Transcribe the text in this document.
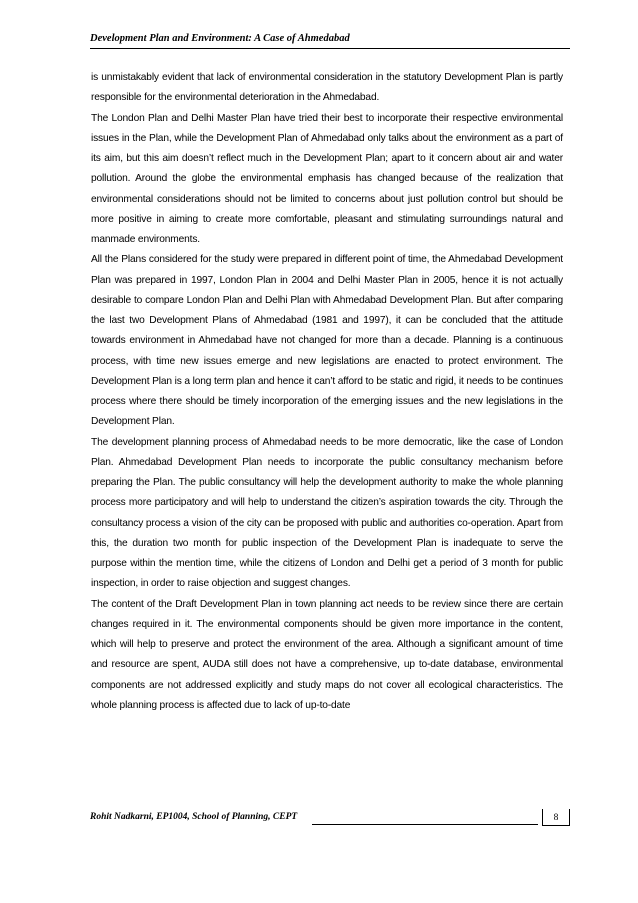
Development Plan and Environment: A Case of Ahmedabad

is unmistakably evident that lack of environmental consideration in the statutory Development Plan is partly responsible for the environmental deterioration in the Ahmedabad.

The London Plan and Delhi Master Plan have tried their best to incorporate their respective environmental issues in the Plan, while the Development Plan of Ahmedabad only talks about the environment as a part of its aim, but this aim doesn’t reflect much in the Development Plan; apart to it concern about air and water pollution. Around the globe the environmental emphasis has changed because of the realization that environmental considerations should not be limited to concerns about just pollution control but should be more positive in aiming to create more comfortable, pleasant and stimulating surroundings natural and manmade environments.

All the Plans considered for the study were prepared in different point of time, the Ahmedabad Development Plan was prepared in 1997, London Plan in 2004 and Delhi Master Plan in 2005, hence it is not actually desirable to compare London Plan and Delhi Plan with Ahmedabad Development Plan. But after comparing the last two Development Plans of Ahmedabad (1981 and 1997), it can be concluded that the attitude towards environment in Ahmedabad have not changed for more than a decade. Planning is a continuous process, with time new issues emerge and new legislations are enacted to protect environment. The Development Plan is a long term plan and hence it can’t afford to be static and rigid, it needs to be continues process where there should be timely incorporation of the emerging issues and the new legislations in the Development Plan.

The development planning process of Ahmedabad needs to be more democratic, like the case of London Plan. Ahmedabad Development Plan needs to incorporate the public consultancy mechanism before preparing the Plan. The public consultancy will help the development authority to make the whole planning process more participatory and will help to understand the citizen’s aspiration towards the city. Through the consultancy process a vision of the city can be proposed with public and authorities co-operation. Apart from this, the duration two month for public inspection of the Development Plan is inadequate to serve the purpose within the mention time, while the citizens of London and Delhi get a period of 3 month for public inspection, in order to raise objection and suggest changes.

The content of the Draft Development Plan in town planning act needs to be review since there are certain changes required in it. The environmental components should be given more importance in the content, which will help to preserve and protect the environment of the area. Although a significant amount of time and resource are spent, AUDA still does not have a comprehensive, up to-date database, environmental components are not addressed explicitly and study maps do not cover all ecological characteristics. The whole planning process is affected due to lack of up-to-date

Rohit Nadkarni, EP1004, School of Planning, CEPT	8
